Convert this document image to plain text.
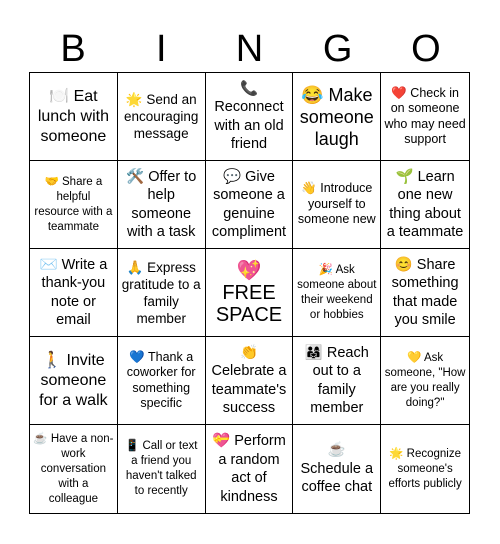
B	I	N	G	O
🍽️ Eat lunch with someone
🌟 Send an encouraging message
📞 Reconnect with an old friend
😂 Make someone laugh
❤️ Check in on someone who may need support
🤝 Share a helpful resource with a teammate
🛠️ Offer to help someone with a task
💬 Give someone a genuine compliment
👋 Introduce yourself to someone new
🌱 Learn one new thing about a teammate
✉️ Write a thank-you note or email
🙏 Express gratitude to a family member
💖 FREE SPACE
🎉 Ask someone about their weekend or hobbies
😊 Share something that made you smile
🚶 Invite someone for a walk
💙 Thank a coworker for something specific
👏 Celebrate a teammate's success
👨‍👩‍👧 Reach out to a family member
💛 Ask someone, "How are you really doing?"
☕ Have a non-work conversation with a colleague
📱 Call or text a friend you haven't talked to recently
💝 Perform a random act of kindness
☕ Schedule a coffee chat
🌟 Recognize someone's efforts publicly
